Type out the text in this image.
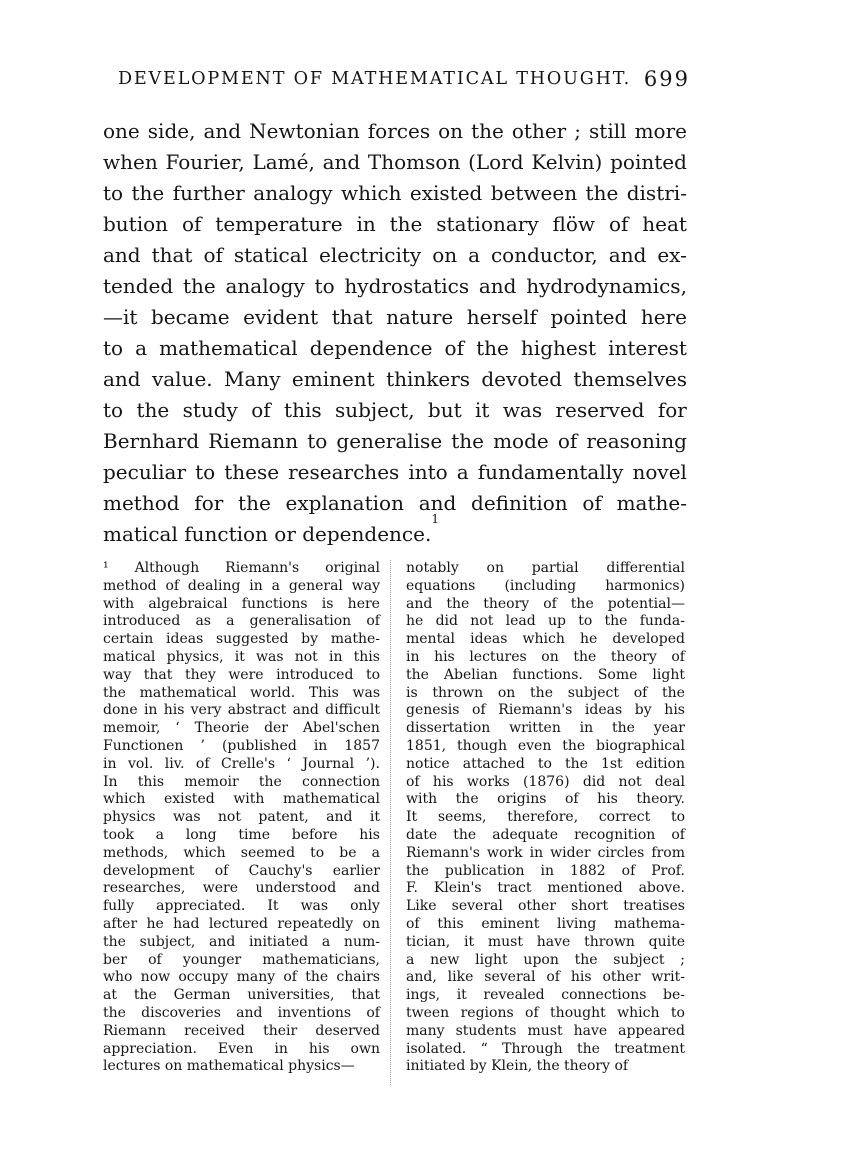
DEVELOPMENT OF MATHEMATICAL THOUGHT. 699
one side, and Newtonian forces on the other ; still more
when Fourier, Lamé, and Thomson (Lord Kelvin) pointed
to the further analogy which existed between the distri-
bution of temperature in the stationary flöw of heat
and that of statical electricity on a conductor, and ex-
tended the analogy to hydrostatics and hydrodynamics,
—it became evident that nature herself pointed here
to a mathematical dependence of the highest interest
and value. Many eminent thinkers devoted themselves
to the study of this subject, but it was reserved for
Bernhard Riemann to generalise the mode of reasoning
peculiar to these researches into a fundamentally novel
method for the explanation and definition of mathe-
matical function or dependence.
1
¹ Although Riemann's original
method of dealing in a general way
with algebraical functions is here
introduced as a generalisation of
certain ideas suggested by mathe-
matical physics, it was not in this
way that they were introduced to
the mathematical world. This was
done in his very abstract and difficult
memoir, ‘ Theorie der Abel'schen
Functionen ’ (published in 1857
in vol. liv. of Crelle's ‘ Journal ’).
In this memoir the connection
which existed with mathematical
physics was not patent, and it
took a long time before his
methods, which seemed to be a
development of Cauchy's earlier
researches, were understood and
fully appreciated. It was only
after he had lectured repeatedly on
the subject, and initiated a num-
ber of younger mathematicians,
who now occupy many of the chairs
at the German universities, that
the discoveries and inventions of
Riemann received their deserved
appreciation. Even in his own
lectures on mathematical physics—
notably on partial differential
equations (including harmonics)
and the theory of the potential—
he did not lead up to the funda-
mental ideas which he developed
in his lectures on the theory of
the Abelian functions. Some light
is thrown on the subject of the
genesis of Riemann's ideas by his
dissertation written in the year
1851, though even the biographical
notice attached to the 1st edition
of his works (1876) did not deal
with the origins of his theory.
It seems, therefore, correct to
date the adequate recognition of
Riemann's work in wider circles from
the publication in 1882 of Prof.
F. Klein's tract mentioned above.
Like several other short treatises
of this eminent living mathema-
tician, it must have thrown quite
a new light upon the subject ;
and, like several of his other writ-
ings, it revealed connections be-
tween regions of thought which to
many students must have appeared
isolated. “ Through the treatment
initiated by Klein, the theory of
